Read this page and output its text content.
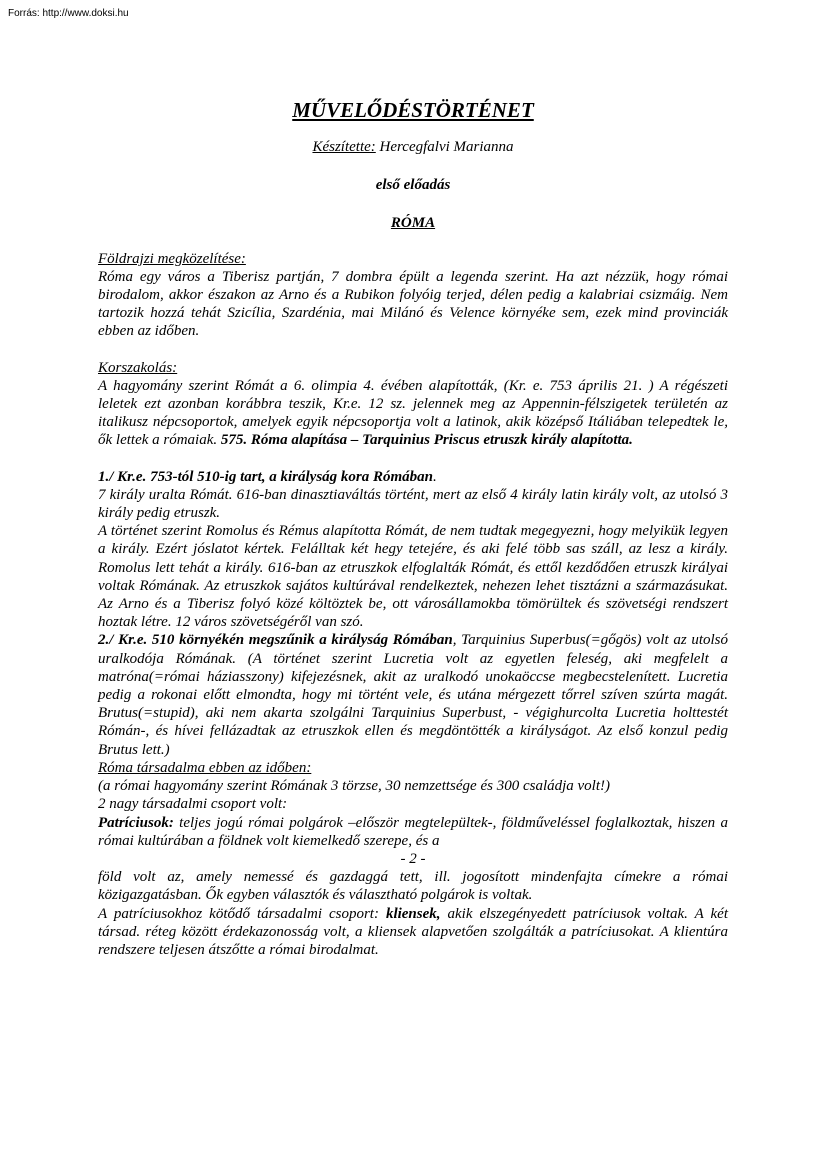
Forrás: http://www.doksi.hu
MŰVELŐDÉSTÖRTÉNET
Készítette: Hercegfalvi Marianna
első előadás
RÓMA
Földrajzi megközelítése:

Róma egy város a Tiberisz partján, 7 dombra épült a legenda szerint. Ha azt nézzük, hogy római birodalom, akkor északon az Arno és a Rubikon folyóig terjed, délen pedig a kalabriai csizmáig. Nem tartozik hozzá tehát Szicília, Szardénia, mai Milánó és Velence környéke sem, ezek mind provinciák ebben az időben.

Korszakolás:

A hagyomány szerint Rómát a 6. olimpia 4. évében alapították, (Kr. e. 753 április 21. ) A régészeti leletek ezt azonban korábbra teszik, Kr.e. 12 sz. jelennek meg az Appennin-félszigetek területén az italikusz népcsoportok, amelyek egyik népcsoportja volt a latinok, akik középső Itáliában telepedtek le, ők lettek a rómaiak. 575. Róma alapítása – Tarquinius Priscus etruszk király alapította.

1./ Kr.e. 753-tól 510-ig tart, a királyság kora Rómában.

7 király uralta Rómát. 616-ban dinasztiaváltás történt, mert az első 4 király latin király volt, az utolsó 3 király pedig etruszk.

A történet szerint Romolus és Rémus alapította Rómát, de nem tudtak megegyezni, hogy melyikük legyen a király. Ezért jóslatot kértek. Felálltak két hegy tetejére, és aki felé több sas száll, az lesz a király. Romolus lett tehát a király. 616-ban az etruszkok elfoglalták Rómát, és ettől kezdődően etruszk királyai voltak Rómának. Az etruszkok sajátos kultúrával rendelkeztek, nehezen lehet tisztázni a származásukat. Az Arno és a Tiberisz folyó közé költöztek be, ott városállamokba tömörültek és szövetségi rendszert hoztak létre. 12 város szövetségéről van szó.

2./ Kr.e. 510 környékén megszűnik a királyság Rómában, Tarquinius Superbus(=gőgös) volt az utolsó uralkodója Rómának. (A történet szerint Lucretia volt az egyetlen feleség, aki megfelelt a matróna(=római háziasszony) kifejezésnek, akit az uralkodó unokaöccse megbecstelenített. Lucretia pedig a rokonai előtt elmondta, hogy mi történt vele, és utána mérgezett tőrrel szíven szúrta magát. Brutus(=stupid), aki nem akarta szolgálni Tarquinius Superbust, - végighurcolta Lucretia holttestét Rómán-, és hívei fellázadtak az etruszkok ellen és megdöntötték a királyságot. Az első konzul pedig Brutus lett.)

Róma társadalma ebben az időben:

(a római hagyomány szerint Rómának 3 törzse, 30 nemzettsége és 300 családja volt!)

2 nagy társadalmi csoport volt:

Patríciusok: teljes jogú római polgárok –először megtelepültek-, földműveléssel foglalkoztak, hiszen a római kultúrában a földnek volt kiemelkedő szerepe, és a

- 2 -

föld volt az, amely nemessé és gazdaggá tett, ill. jogosított mindenfajta címekre a római közigazgatásban. Ők egyben választók és választható polgárok is voltak.

A patríciusokhoz kötődő társadalmi csoport: kliensek, akik elszegényedett patríciusok voltak. A két társad. réteg között érdekazonosság volt, a kliensek alapvetően szolgálták a patríciusokat. A klientúra rendszere teljesen átszőtte a római birodalmat.
